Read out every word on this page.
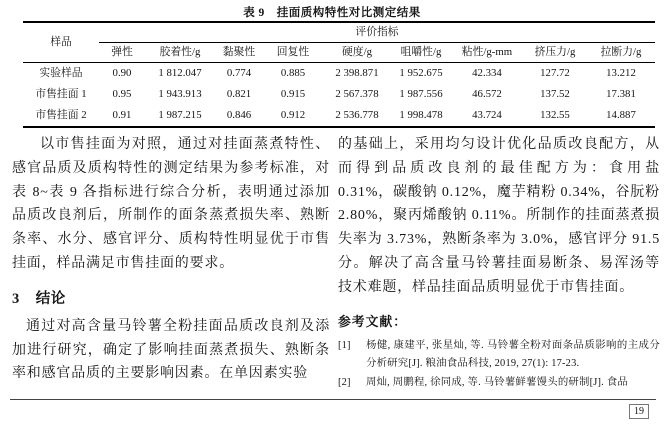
表 9　挂面质构特性对比测定结果
样品	评价指标								
	弹性	胶着性/g	黏聚性	回复性	硬度/g	咀嚼性/g	粘性/g-mm	挤压力/g	拉断力/g
实验样品	0.90	1 812.047	0.774	0.885	2 398.871	1 952.675	42.334	127.72	13.212
市售挂面 1	0.95	1 943.913	0.821	0.915	2 567.378	1 987.556	46.572	137.52	17.381
市售挂面 2	0.91	1 987.215	0.846	0.912	2 536.778	1 998.478	43.724	132.55	14.887

以市售挂面为对照，通过对挂面蒸煮特性、感官品质及质构特性的测定结果为参考标准，对表 8~表 9 各指标进行综合分析，表明通过添加品质改良剂后，所制作的面条蒸煮损失率、熟断条率、水分、感官评分、质构特性明显优于市售挂面，样品满足市售挂面的要求。

3 结论

通过对高含量马铃薯全粉挂面品质改良剂及添加进行研究，确定了影响挂面蒸煮损失、熟断条率和感官品质的主要影响因素。在单因素实验

的基础上，采用均匀设计优化品质改良配方，从而得到品质改良剂的最佳配方为：食用盐 0.31%，碳酸钠 0.12%，魔芋精粉 0.34%，谷朊粉 2.80%，聚丙烯酸钠 0.11%。所制作的挂面蒸煮损失率为 3.73%，熟断条率为 3.0%，感官评分 91.5 分。解决了高含量马铃薯挂面易断条、易浑汤等技术难题，样品挂面品质明显优于市售挂面。

参考文献：
[1]	杨健, 康建平, 张星灿, 等. 马铃薯全粉对面条品质影响的主成分分析研究[J]. 粮油食品科技, 2019, 27(1): 17-23.
[2]	周灿, 周鹏程, 徐同成, 等. 马铃薯鲜薯馒头的研制[J]. 食品
19
